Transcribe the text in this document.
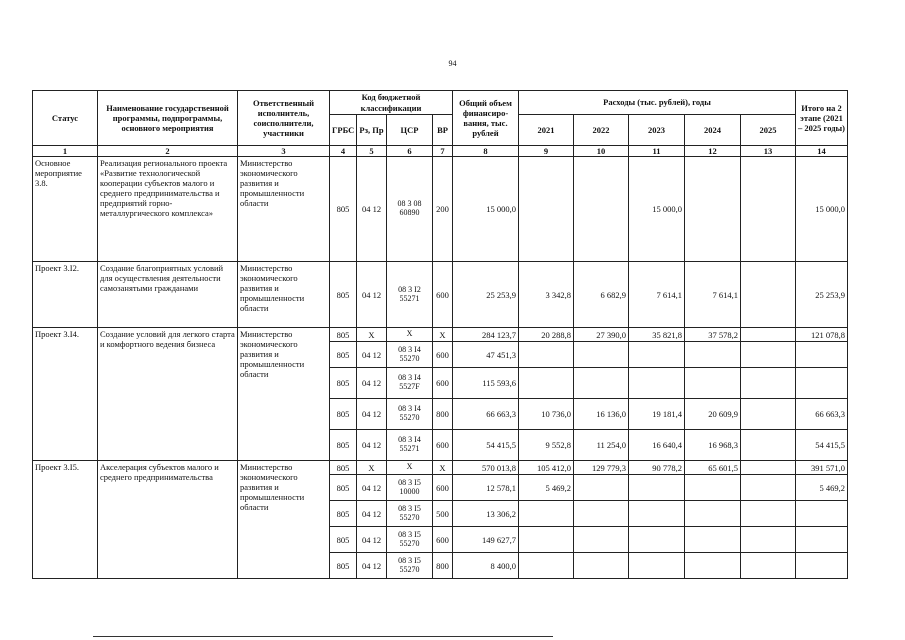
94
Статус	Наименование государственной программы, подпрограммы, основного мероприятия	Ответственный исполнитель, соисполнители, участники	Код бюджетной классификации				Общий объем финансиро-вания, тыс. рублей	Расходы (тыс. рублей), годы					Итого на 2 этапе (2021 – 2025 годы)
			ГРБС	Рз, Пр	ЦСР	ВР		2021	2022	2023	2024	2025	
1	2	3	4	5	6	7	8	9	10	11	12	13	14
Основное мероприятие 3.8.	Реализация регионального проекта «Развитие технологической кооперации субъектов малого и среднего предпринимательства и предприятий горно-металлургического комплекса»	Министерство экономического развития и промышленности области	805	04 12	08 3 08 60890	200	15 000,0			15 000,0			15 000,0
Проект 3.I2.	Создание благоприятных условий для осуществления деятельности самозанятыми гражданами	Министерство экономического развития и промышленности области	805	04 12	08 3 I2 55271	600	25 253,9	3 342,8	6 682,9	7 614,1	7 614,1		25 253,9
Проект 3.I4.	Создание условий для легкого старта и комфортного ведения бизнеса	Министерство экономического развития и промышленности области	805	X	X	X	284 123,7	20 288,8	27 390,0	35 821,8	37 578,2		121 078,8
			805	04 12	08 3 I4 55270	600	47 451,3						
			805	04 12	08 3 I4 5527F	600	115 593,6						
			805	04 12	08 3 I4 55270	800	66 663,3	10 736,0	16 136,0	19 181,4	20 609,9		66 663,3
			805	04 12	08 3 I4 55271	600	54 415,5	9 552,8	11 254,0	16 640,4	16 968,3		54 415,5
Проект 3.I5.	Акселерация субъектов малого и среднего предпринимательства	Министерство экономического развития и промышленности области	805	X	X	X	570 013,8	105 412,0	129 779,3	90 778,2	65 601,5		391 571,0
			805	04 12	08 3 I5 10000	600	12 578,1	5 469,2					5 469,2
			805	04 12	08 3 I5 55270	500	13 306,2						
			805	04 12	08 3 I5 55270	600	149 627,7						
			805	04 12	08 3 I5 55270	800	8 400,0						
